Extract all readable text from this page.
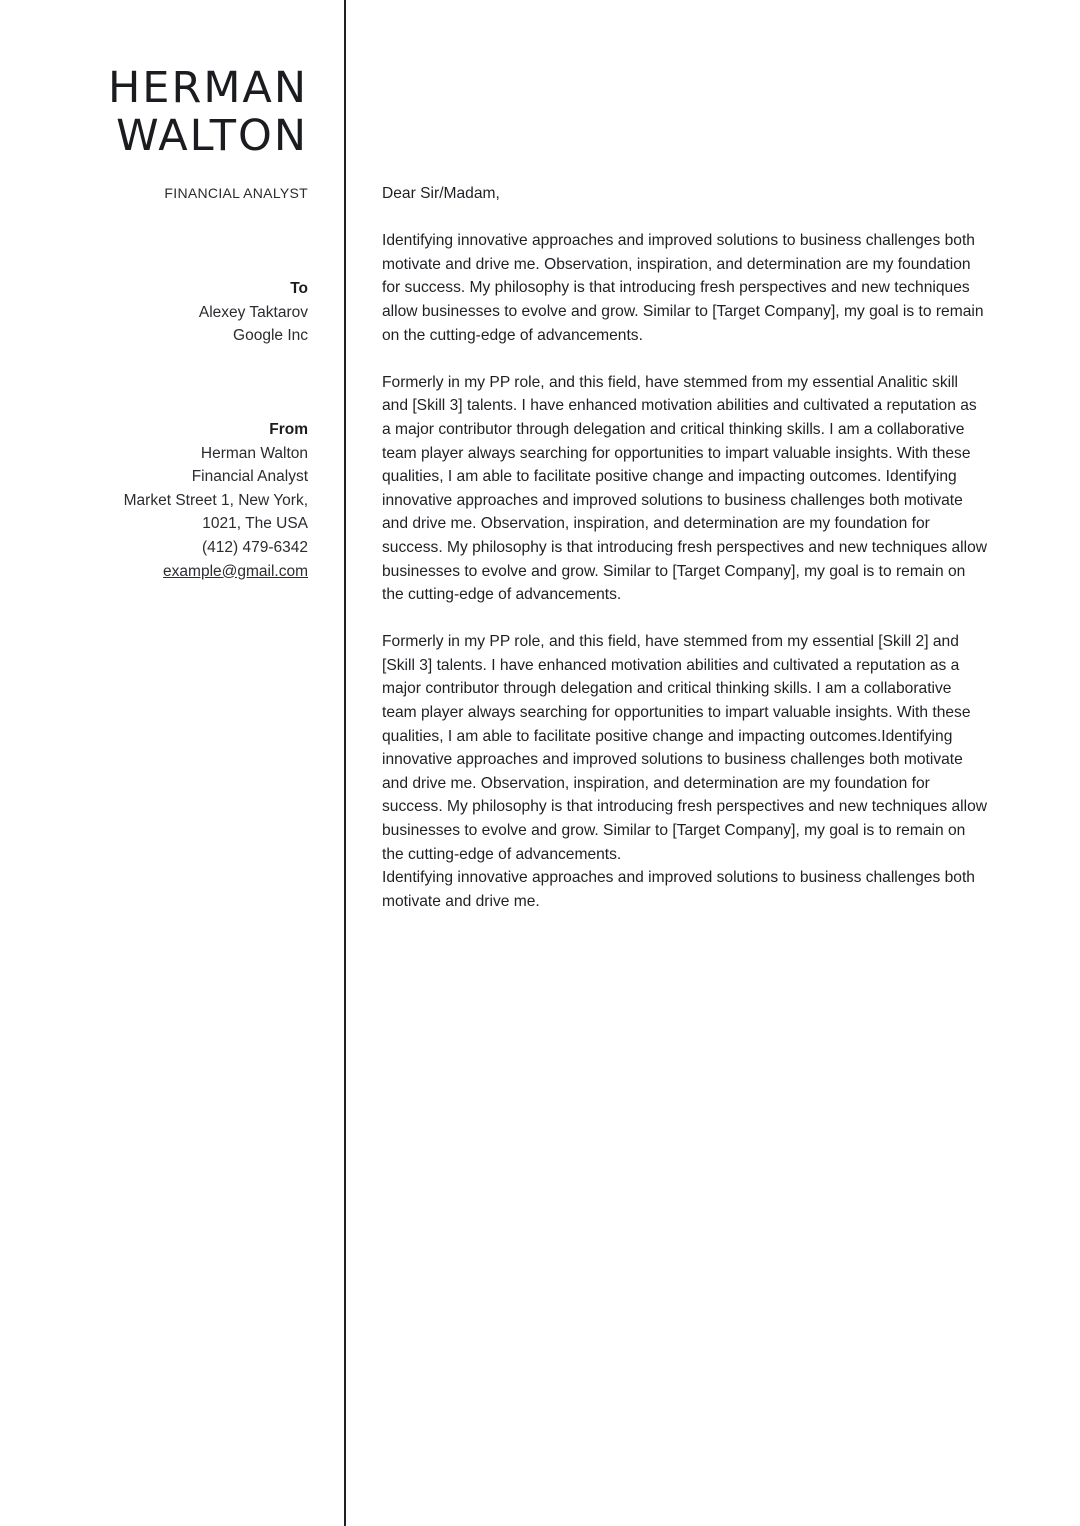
HERMAN
WALTON
FINANCIAL ANALYST
To
Alexey Taktarov
Google Inc
From
Herman Walton
Financial Analyst
Market Street 1, New York,
1021, The USA
(412) 479-6342
example@gmail.com

Dear Sir/Madam,

Identifying innovative approaches and improved solutions to business challenges both motivate and drive me. Observation, inspiration, and determination are my foundation for success. My philosophy is that introducing fresh perspectives and new techniques allow businesses to evolve and grow. Similar to [Target Company], my goal is to remain on the cutting-edge of advancements.

Formerly in my PP role, and this field, have stemmed from my essential Analitic skill and [Skill 3] talents. I have enhanced motivation abilities and cultivated a reputation as a major contributor through delegation and critical thinking skills. I am a collaborative team player always searching for opportunities to impart valuable insights. With these qualities, I am able to facilitate positive change and impacting outcomes. Identifying innovative approaches and improved solutions to business challenges both motivate and drive me. Observation, inspiration, and determination are my foundation for success. My philosophy is that introducing fresh perspectives and new techniques allow businesses to evolve and grow. Similar to [Target Company], my goal is to remain on the cutting-edge of advancements.

Formerly in my PP role, and this field, have stemmed from my essential [Skill 2] and [Skill 3] talents. I have enhanced motivation abilities and cultivated a reputation as a major contributor through delegation and critical thinking skills. I am a collaborative team player always searching for opportunities to impart valuable insights. With these qualities, I am able to facilitate positive change and impacting outcomes.Identifying innovative approaches and improved solutions to business challenges both motivate and drive me. Observation, inspiration, and determination are my foundation for success. My philosophy is that introducing fresh perspectives and new techniques allow businesses to evolve and grow. Similar to [Target Company], my goal is to remain on the cutting-edge of advancements.

Identifying innovative approaches and improved solutions to business challenges both motivate and drive me.
